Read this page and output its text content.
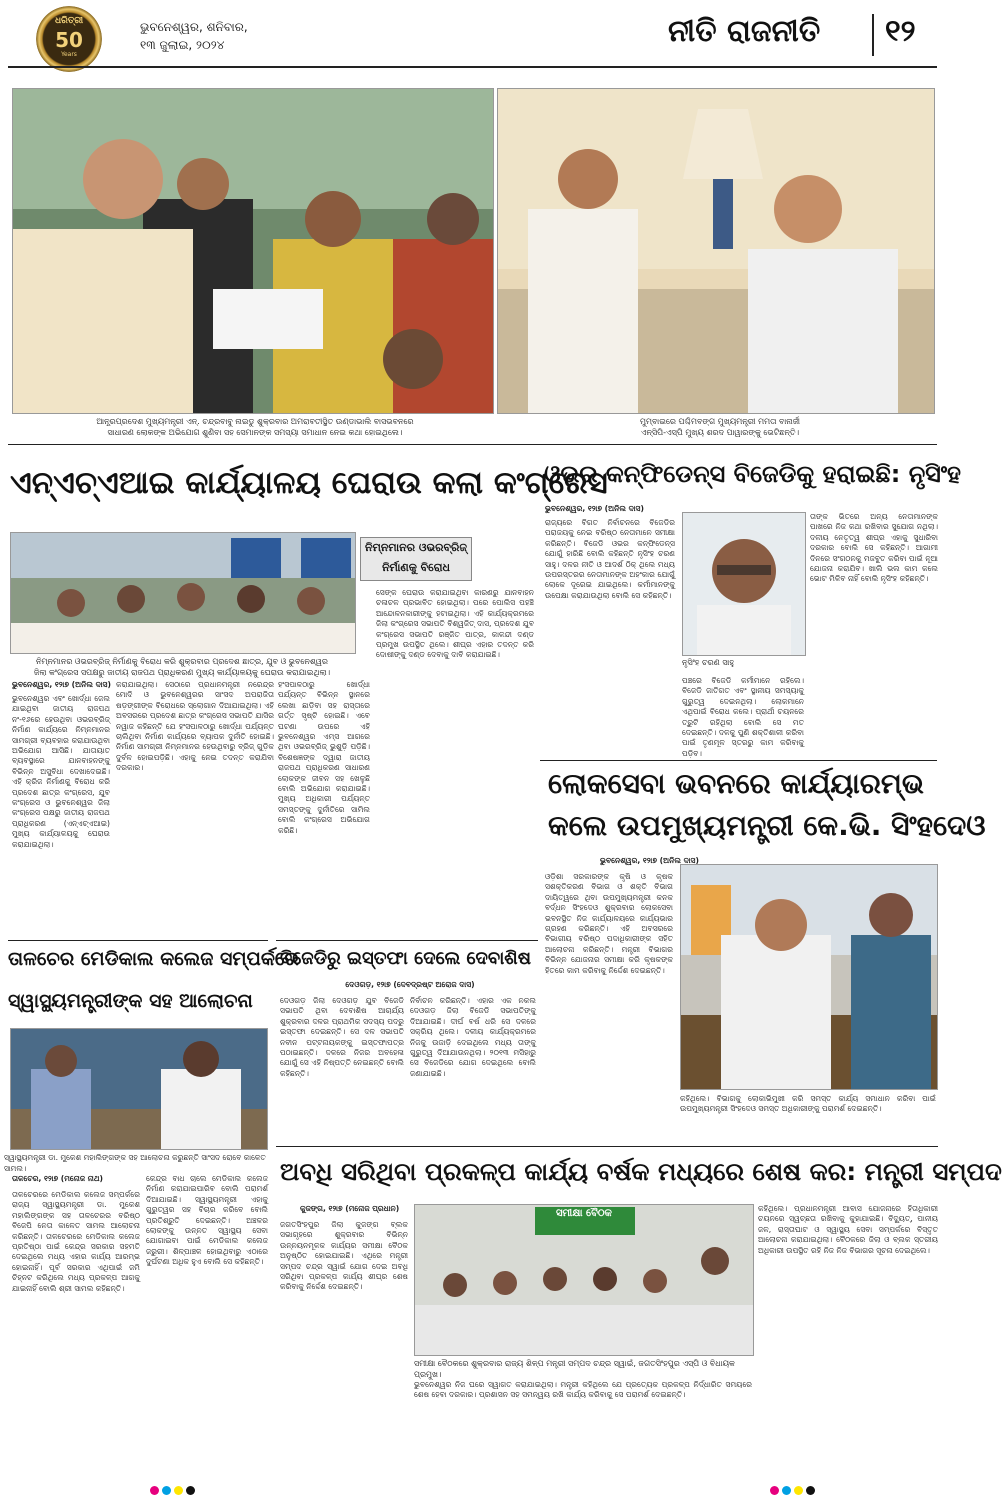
ଧରିତ୍ରୀ
50
Years
ଭୁବନେଶ୍ୱର, ଶନିବାର,
୧୩ ଜୁଲାଇ, ୨୦୨୪	ନୀତି ରାଜନୀତି ୧୨
ଆନ୍ଧ୍ରପ୍ରଦେଶ ମୁଖ୍ୟମନ୍ତ୍ରୀ ଏନ୍. ଚନ୍ଦ୍ରବାବୁ ନାଇଡୁ ଶୁକ୍ରବାର ଅମରାବତୀସ୍ଥିତ ଉଣ୍ଡାଭାଲି ବାସଭବନରେ
ସାଧାରଣ ଲୋକଙ୍କ ଅଭିଯୋଗ ଶୁଣିବା ସହ ସେମାନଙ୍କ ସମସ୍ୟା ସମାଧାନ ନେଇ କଥା ହୋଇଥିଲେ।
ମୁମ୍ବାଇରେ ପଶ୍ଚିମବଙ୍ଗ ମୁଖ୍ୟମନ୍ତ୍ରୀ ମମତା ବାନାର୍ଜୀ
ଏନ୍‌ସିପି-ଏସ୍‌ପି ମୁଖ୍ୟ ଶରଦ ପାୱାରଙ୍କୁ ଭେଟିଛନ୍ତି।
ଏନ୍‌ଏଚ୍‌ଏଆଇ କାର୍ଯ୍ୟାଳୟ ଘେରାଉ କଲା କଂଗ୍ରେସ
ନିମ୍ନମାନର ଓଭରବ୍ରିଜ୍
ନିର୍ମାଣକୁ ବିରୋଧ
ନିମ୍ନମାନର ଓଭରବ୍ରିଜ୍ ନିର୍ମାଣକୁ ବିରୋଧ କରି ଶୁକ୍ରବାର ପ୍ରଦେଶ ଛାତ୍ର, ଯୁବ ଓ ଭୁବନେଶ୍ୱର
ଜିଲା କଂଗ୍ରେସ ସପକ୍ଷରୁ ଜାତୀୟ ରାଜପଥ ପ୍ରାଧିକରଣ ମୁଖ୍ୟ କାର୍ଯ୍ୟାଳୟକୁ ଘେରାଉ କରାଯାଇଥିଲା।
ଭୁବନେଶ୍ୱର, ୧୨ା୭ (ଅନିଲ ଦାସ)
ଭୁବନେଶ୍ୱର ଏବଂ ଖୋର୍ଦ୍ଧା ଜେଲ ଯାଇଥିବା ଜାତୀୟ ରାଜପଥ ନଂ-୧୬ରେ ହେଉଥିବା ଓଭରବ୍ରିଜ୍ ନିର୍ମାଣ କାର୍ଯ୍ୟରେ ନିମ୍ନମାନର ସାମଗ୍ରୀ ବ୍ୟବହାର କରାଯାଉଥିବା ଅଭିଯୋଗ ଆସିଛି। ଯାତାୟାତ ବ୍ୟବସ୍ଥାରେ ଯାନବାହନଙ୍କୁ ବିଭିନ୍ନ ଅସୁବିଧା ଦେଖାଦେଇଛି। ଏହି କ୍ରିଜ ନିର୍ମାଣକୁ ବିରୋଧ କରି ପ୍ରଦେଶ ଛାତ୍ର କଂଗ୍ରେସ, ଯୁବ କଂଗ୍ରେସ ଓ ଭୁବନେଶ୍ୱର ଜିଲା କଂଗ୍ରେସ ପକ୍ଷରୁ ଜାତୀୟ ରାଜପଥ ପ୍ରାଧିକରଣ (ଏନ୍‌ଏଚ୍‌ଏଆଇ) ମୁଖ୍ୟ କାର୍ଯ୍ୟାଳୟକୁ ଘେରାଉ କରାଯାଇଥିଲା।
କରାଯାଇଥିଲା। ସେଠାରେ ପ୍ରଧାନମନ୍ତ୍ରୀ ନରେନ୍ଦ୍ର ମୋଦି ଓ ଭୁବନେଶ୍ୱରର ସାଂସଦ ଅପରାଜିତା ଷଡ଼ଙ୍ଗୀଙ୍କ ବିରୋଧରେ ସ୍ଲୋଗାନ ଦିଆଯାଇଥିଲା। ଏହି ଅବସରରେ ପ୍ରଦେଶ ଛାତ୍ର କଂଗ୍ରେସ ସଭାପତି ଯାସିର ନୱାଜ କହିଛନ୍ତି ଯେ ହଂସପାଳଠାରୁ ଖୋର୍ଦ୍ଧା ପର୍ଯ୍ୟନ୍ତ ଚାଲିଥିବା ନିର୍ମାଣ କାର୍ଯ୍ୟରେ ବ୍ୟାପକ ଦୁର୍ନୀତି ହୋଇଛି। ନିର୍ମାଣ ସାମଗ୍ରୀ ନିମ୍ନମାନର ହେଉଥିବାରୁ ବ୍ରିଜ୍ ଗୁଡ଼ିକ ଦୁର୍ବଳ ହୋଇପଡ଼ିଛି। ଏହାକୁ ନେଇ ତଦନ୍ତ କରାଯିବା ଦରକାର।
ହଂସପାଳଠାରୁ ଖୋର୍ଦ୍ଧା ପର୍ଯ୍ୟନ୍ତ ବିଭିନ୍ନ ସ୍ଥାନରେ ଲେଖା ଛାଡ଼ିବା ସହ ରାସ୍ତାରେ ଗର୍ତ୍ତ ସୃଷ୍ଟି ହୋଇଛି। ଏବେ ଘଟଣା ଉପରେ ଏହି ଭୁବନେଶ୍ୱର ଏମ୍ସ ଆଗରେ ଥିବା ଓଭରବ୍ରିଜ୍ ଭୁଶୁଡ଼ି ପଡ଼ିଛି। ବିଶେଷଜ୍ଞଙ୍କ ଦ୍ୱାରା ଜାତୀୟ ରାଜପଥ ପ୍ରାଧିକରଣ ସାଧାରଣ ଲୋକଙ୍କ ଜୀବନ ସହ ଖେଳୁଛି ବୋଲି ଅଭିଯୋଗ କରାଯାଇଛି। ମୁଖ୍ୟ ଅଧିକାରୀ ପର୍ଯ୍ୟନ୍ତ ସମସ୍ତଙ୍କୁ ଦୁର୍ନୀତିରେ ସାମିଲ ବୋଲି କଂଗ୍ରେସ ଅଭିଯୋଗ କରିଛି।
ସେଙ୍କ ଘେରାଉ କରାଯାଇଥିବା କାରଣରୁ ଯାନବାହନ ଚଳାଚଳ ପ୍ରଭାବିତ ହୋଇଥିଲା। ପରେ ପୋଲିସ ପହଞ୍ଚି ଆନ୍ଦୋଳନକାରୀଙ୍କୁ ହଟାଇଥିଲା। ଏହି କାର୍ଯ୍ୟକ୍ରମରେ ଜିଲା କଂଗ୍ରେସ ସଭାପତି ବିଶ୍ୱଜିତ୍ ଦାସ, ପ୍ରଦେଶ ଯୁବ କଂଗ୍ରେସ ସଭାପତି ରଞ୍ଜିତ ପାତ୍ର, କାଳନ୍ଦୀ ଦଣ୍ଡ ପ୍ରମୁଖ ଉପସ୍ଥିତ ଥିଲେ। ଶୀଘ୍ର ଏହାର ତଦନ୍ତ କରି ଦୋଷୀଙ୍କୁ ଦଣ୍ଡ ଦେବାକୁ ଦାବି କରାଯାଇଛି।
ଓଭର କନ୍‌ଫିଡେନ୍ସ ବିଜେଡିକୁ ହରାଇଛି: ନୃସିଂହ
ଭୁବନେଶ୍ୱର, ୧୨ା୭ (ଅନିଲ ଦାସ)
ରାଜ୍ୟରେ ବିଗତ ନିର୍ବାଚନରେ ବିଜେଡିର ପରାଜୟକୁ ନେଇ ବରିଷ୍ଠ ନେତାମାନେ ସମୀକ୍ଷା କରିଛନ୍ତି। ବିଜେଡି ଓଭର କନ୍‌ଫିଡେନ୍ସ ଯୋଗୁଁ ହାରିଛି ବୋଲି କହିଛନ୍ତି ନୃସିଂହ ଚରଣ ସାହୁ। ଦଳର ନୀତି ଓ ଆଦର୍ଶ ଠିକ୍ ଥିଲେ ମଧ୍ୟ ଉପରସ୍ତରର ନେତାମାନଙ୍କ ଅହଂକାର ଯୋଗୁଁ ଲୋକେ ଦୂରେଇ ଯାଇଥିଲେ। କର୍ମୀମାନଙ୍କୁ ଉପେକ୍ଷା କରାଯାଉଥିଲା ବୋଲି ସେ କହିଛନ୍ତି।
ନୃସିଂହ ଚରଣ ସାହୁ
ପଞ୍ଚରେ ବିଜେଡି କର୍ମୀମାନେ ରହିଲେ। ବିଜେଡି ଜାତିଗତ ଏବଂ ସ୍ଥାନୀୟ ସମସ୍ୟାକୁ ଗୁରୁତ୍ୱ ଦେଇନଥିଲା। ଲୋକମାନେ ଏଥିପାଇଁ ବିରୋଧ କଲେ। ପ୍ରାର୍ଥୀ ଚୟନରେ ତ୍ରୁଟି ରହିଥିଲା ବୋଲି ସେ ମତ ଦେଇଛନ୍ତି। ଦଳକୁ ପୁଣି ଶକ୍ତିଶାଳୀ କରିବା ପାଇଁ ତୃଣମୂଳ ସ୍ତରରୁ କାମ କରିବାକୁ ପଡ଼ିବ।
ତାଙ୍କ ଭିତରେ ଅନ୍ୟ ନେତାମାନଙ୍କ ପାଖରେ ନିଜ କଥା ରଖିବାର ସୁଯୋଗ ନଥିଲା। ଦଳୀୟ ନେତୃତ୍ୱ ଶୀଘ୍ର ଏହାକୁ ସୁଧାରିବା ଦରକାର ବୋଲି ସେ କହିଛନ୍ତି। ଆଗାମୀ ଦିନରେ ସଂଗଠନକୁ ମଜବୁତ କରିବା ପାଇଁ ନୂଆ ଯୋଜନା କରାଯିବ। ଖାଲି ଭଲ କାମ କଲେ ଭୋଟ ମିଳିବ ନାହିଁ ବୋଲି ନୃସିଂହ କହିଛନ୍ତି।
ଲୋକସେବା ଭବନରେ କାର୍ଯ୍ୟାରମ୍ଭ
କଲେ ଉପମୁଖ୍ୟମନ୍ତ୍ରୀ କେ.ଭି. ସିଂହଦେଓ
ଭୁବନେଶ୍ୱର, ୧୨ା୭ (ଅନିଲ ଦାସ)
ଓଡ଼ିଶା ସରକାରଙ୍କ କୃଷି ଓ କୃଷକ ସଶକ୍ତିକରଣ ବିଭାଗ ଓ ଶକ୍ତି ବିଭାଗ ଦାୟିତ୍ୱରେ ଥିବା ଉପମୁଖ୍ୟମନ୍ତ୍ରୀ କନକ ବର୍ଦ୍ଧନ ସିଂହଦେଓ ଶୁକ୍ରବାର ଲୋକସେବା ଭବନସ୍ଥିତ ନିଜ କାର୍ଯ୍ୟାଳୟରେ କାର୍ଯ୍ୟଭାର ଗ୍ରହଣ କରିଛନ୍ତି। ଏହି ଅବସରରେ ବିଭାଗୀୟ ବରିଷ୍ଠ ପଦାଧିକାରୀଙ୍କ ସହିତ ଆଲୋଚନା କରିଛନ୍ତି। ମନ୍ତ୍ରୀ ବିଭାଗର ବିଭିନ୍ନ ଯୋଜନାର ସମୀକ୍ଷା କରି କୃଷକଙ୍କ ହିତରେ କାମ କରିବାକୁ ନିର୍ଦ୍ଦେଶ ଦେଇଛନ୍ତି।
କହିଥିଲେ। ବିଭାଗକୁ ଲୋକାଭିମୁଖୀ କରି ସମସ୍ତ କାର୍ଯ୍ୟ ସମାଧାନ କରିବା ପାଇଁ ଉପମୁଖ୍ୟମନ୍ତ୍ରୀ ସିଂହଦେଓ ସମସ୍ତ ଅଧିକାରୀଙ୍କୁ ପରାମର୍ଶ ଦେଇଛନ୍ତି।
ତାଳଚେର ମେଡିକାଲ କଲେଜ ସମ୍ପର୍କରେ
ସ୍ୱାସ୍ଥ୍ୟମନ୍ତ୍ରୀଙ୍କ ସହ ଆଲୋଚନା
ସ୍ୱାସ୍ଥ୍ୟମନ୍ତ୍ରୀ ଡା. ମୁକେଶ ମହାଲିଙ୍ଗଙ୍କ ସହ ଆଲୋଚନା କରୁଛନ୍ତି ସାଂସଦ ରୋବେ କାଳେତ ସାମଲ।
ତାଳଚେର, ୧୨ା୭ (ମନୋଜ ନାଥ)
ତାଳଚେରରେ ମେଡିକାଲ କଲେଜ ସମ୍ପର୍କରେ ରାଜ୍ୟ ସ୍ୱାସ୍ଥ୍ୟମନ୍ତ୍ରୀ ଡା. ମୁକେଶ ମହାଲିଙ୍ଗଙ୍କ ସହ ତାଳଚେରର ବରିଷ୍ଠ ବିଜେପି ନେତା କାଳେତ ସାମଲ ଆଲୋଚନା କରିଛନ୍ତି। ତାଳଚେରରେ ମେଡିକାଲ କଲେଜ ପ୍ରତିଷ୍ଠା ପାଇଁ କେନ୍ଦ୍ର ସରକାର ସହମତି ଦେଇଥିଲେ ମଧ୍ୟ ଏହାର କାର୍ଯ୍ୟ ଆରମ୍ଭ ହୋଇନାହିଁ। ପୂର୍ବ ସରକାର ଏଥିପାଇଁ ଜମି ଚିହ୍ନଟ କରିଥିଲେ ମଧ୍ୟ ପ୍ରକଳ୍ପ ଆଗକୁ ଯାଇନାହିଁ ବୋଲି ଶ୍ରୀ ସାମଲ କହିଛନ୍ତି।
କେନ୍ଦ୍ର ବାଧ ଚାଲେ ମେଡିକାଲ କଲେଜ ନିର୍ମାଣ କରାଯାଇପାରିବ ବୋଲି ପରାମର୍ଶ ଦିଆଯାଇଛି। ସ୍ୱାସ୍ଥ୍ୟମନ୍ତ୍ରୀ ଏହାକୁ ଗୁରୁତ୍ୱର ସହ ବିଚାର କରିବେ ବୋଲି ପ୍ରତିଶ୍ରୁତି ଦେଇଛନ୍ତି। ଅଞ୍ଚଳର ଲୋକଙ୍କୁ ଉନ୍ନତ ସ୍ୱାସ୍ଥ୍ୟ ସେବା ଯୋଗାଇବା ପାଇଁ ମେଡିକାଲ କଲେଜ ଜରୁରୀ। ଶିଳ୍ପାଞ୍ଚଳ ହୋଇଥିବାରୁ ଏଠାରେ ଦୁର୍ଘଟଣା ଅଧିକ ହୁଏ ବୋଲି ସେ କହିଛନ୍ତି।
ବିଜେଡିରୁ ଇସ୍ତଫା ଦେଲେ ଦେବାଶିଷ
ଦେଓଗଡ଼, ୧୨ା୭ (ଦେବଦ୍ରଷ୍ଟ ଅରୋଜ ଦାସ)
ଦେଓଗଡ଼ ଜିଲା ଦେଓଗଡ଼ ଯୁବ ବିଜେଡି ସଭାପତି ଥିବା ଦେବାଶିଷ ଆଚାର୍ଯ୍ୟ ଶୁକ୍ରବାର ଦଳର ପ୍ରାଥମିକ ସଦସ୍ୟ ପଦରୁ ଇସ୍ତଫା ଦେଇଛନ୍ତି। ସେ ଦଳ ସଭାପତି ନବୀନ ପଟ୍ଟନାୟକଙ୍କୁ ଇସ୍ତଫାପତ୍ର ପଠାଇଛନ୍ତି। ଦଳରେ ନିଜର ଅବହେଳା ଯୋଗୁଁ ସେ ଏହି ନିଷ୍ପତ୍ତି ନେଇଛନ୍ତି ବୋଲି କହିଛନ୍ତି।
ନିର୍ବାଚନ କରିଛନ୍ତି। ଏହାର ଏକ ନକଲ ଦେଓଗଡ଼ ଜିଲା ବିଜେଡି ସଭାପତିଙ୍କୁ ଦିଆଯାଇଛି। ଦୀର୍ଘ ବର୍ଷ ଧରି ସେ ଦଳରେ ସକ୍ରିୟ ଥିଲେ। ଦଳୀୟ କାର୍ଯ୍ୟକ୍ରମରେ ନିଜକୁ ଉଜାଡ଼ି ଦେଇଥିଲେ ମଧ୍ୟ ତାଙ୍କୁ ଗୁରୁତ୍ୱ ଦିଆଯାଉନଥିଲା। ୨୦୧୩ ମସିହାରୁ ସେ ବିଜେଡିରେ ଯୋଗ ଦେଇଥିଲେ ବୋଲି ଜଣାଯାଇଛି।
ଅବଧି ସରିଥିବା ପ୍ରକଳ୍ପ କାର୍ଯ୍ୟ ବର୍ଷକ ମଧ୍ୟରେ ଶେଷ କର: ମନ୍ତ୍ରୀ ସମ୍ପଦ
କୁଜଙ୍ଗ, ୧୨ା୭ (ମନୋଜ ପ୍ରଧାନ)
ଜଗତସିଂହପୁର ଜିଲା କୁଜଙ୍ଗ ବ୍ଲକ ସଭାଗୃହରେ ଶୁକ୍ରବାର ବିଭିନ୍ନ ଉନ୍ନୟନମୂଳକ କାର୍ଯ୍ୟର ସମୀକ୍ଷା ବୈଠକ ଅନୁଷ୍ଠିତ ହୋଇଯାଇଛି। ଏଥିରେ ମନ୍ତ୍ରୀ ସମ୍ପଦ ଚନ୍ଦ୍ର ସ୍ୱାଇଁ ଯୋଗ ଦେଇ ଅବଧି ସରିଥିବା ପ୍ରକଳ୍ପ କାର୍ଯ୍ୟ ଶୀଘ୍ର ଶେଷ କରିବାକୁ ନିର୍ଦ୍ଦେଶ ଦେଇଛନ୍ତି।
ସମୀକ୍ଷା ବୈଠକ
ସମୀକ୍ଷା ବୈଠକରେ ଶୁକ୍ରବାର ରାଜ୍ୟ ଶିଳ୍ପ ମନ୍ତ୍ରୀ ସମ୍ପଦ ଚନ୍ଦ୍ର ସ୍ୱାଇଁ, ଜଗତସିଂହପୁର ଏସ୍‌ପି ଓ ବିଧାୟକ ପ୍ରମୁଖ।
ଭୁବନେଶ୍ୱର ନିଜ ଘରେ ସ୍ୱାଗତ କରାଯାଇଥିଲା। ମନ୍ତ୍ରୀ କହିଥିଲେ ଯେ ପ୍ରତ୍ୟେକ ପ୍ରକଳ୍ପ ନିର୍ଦ୍ଧାରିତ ସମୟରେ ଶେଷ ହେବା ଦରକାର। ପ୍ରଶାସନ ସହ ସମନ୍ୱୟ ରଖି କାର୍ଯ୍ୟ କରିବାକୁ ସେ ପରାମର୍ଶ ଦେଇଛନ୍ତି।
କହିଥିଲେ। ପ୍ରଧାନମନ୍ତ୍ରୀ ଆବାସ ଯୋଜନାରେ ହିତାଧିକାରୀ ଚୟନରେ ସ୍ୱଚ୍ଛତା ରଖିବାକୁ କୁହାଯାଇଛି। ବିଦ୍ୟୁତ୍, ପାନୀୟ ଜଳ, ରାସ୍ତାଘାଟ ଓ ସ୍ୱାସ୍ଥ୍ୟ ସେବା ସମ୍ପର୍କରେ ବିସ୍ତୃତ ଆଲୋଚନା କରାଯାଇଥିଲା। ବୈଠକରେ ଜିଲା ଓ ବ୍ଲକ ସ୍ତରୀୟ ଅଧିକାରୀ ଉପସ୍ଥିତ ରହି ନିଜ ନିଜ ବିଭାଗର ସୂଚନା ଦେଇଥିଲେ।
